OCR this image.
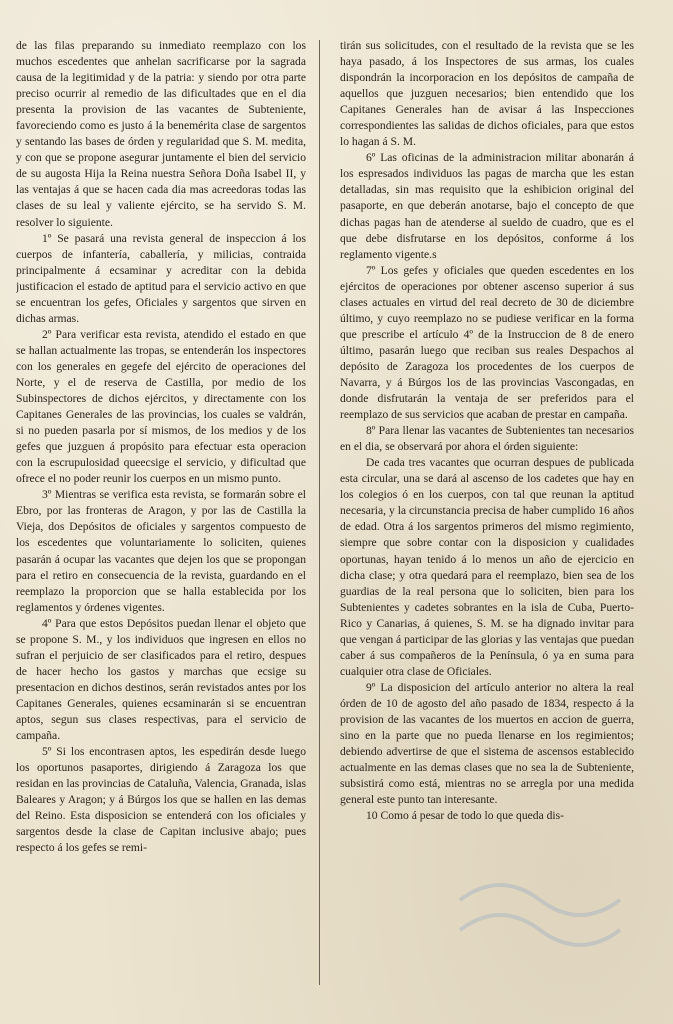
de las filas preparando su inmediato reemplazo con los muchos escedentes que anhelan sacrificarse por la sagrada causa de la legitimidad y de la patria: y siendo por otra parte preciso ocurrir al remedio de las dificultades que en el dia presenta la provision de las vacantes de Subteniente, favoreciendo como es justo á la benemérita clase de sargentos y sentando las bases de órden y regularidad que S. M. medita, y con que se propone asegurar juntamente el bien del servicio de su augosta Hija la Reina nuestra Señora Doña Isabel II, y las ventajas á que se hacen cada dia mas acreedoras todas las clases de su leal y valiente ejército, se ha servido S. M. resolver lo siguiente.

1º Se pasará una revista general de inspeccion á los cuerpos de infantería, caballería, y milicias, contraida principalmente á ecsaminar y acreditar con la debida justificacion el estado de aptitud para el servicio activo en que se encuentran los gefes, Oficiales y sargentos que sirven en dichas armas.

2º Para verificar esta revista, atendido el estado en que se hallan actualmente las tropas, se entenderán los inspectores con los generales en gegefe del ejército de operaciones del Norte, y el de reserva de Castilla, por medio de los Subinspectores de dichos ejércitos, y directamente con los Capitanes Generales de las provincias, los cuales se valdrán, si no pueden pasarla por sí mismos, de los medios y de los gefes que juzguen á propósito para efectuar esta operacion con la escrupulosidad queecsige el servicio, y dificultad que ofrece el no poder reunir los cuerpos en un mismo punto.

3º Mientras se verifica esta revista, se formarán sobre el Ebro, por las fronteras de Aragon, y por las de Castilla la Vieja, dos Depósitos de oficiales y sargentos compuesto de los escedentes que voluntariamente lo soliciten, quienes pasarán á ocupar las vacantes que dejen los que se propongan para el retiro en consecuencia de la revista, guardando en el reemplazo la proporcion que se halla establecida por los reglamentos y órdenes vigentes.

4º Para que estos Depósitos puedan llenar el objeto que se propone S. M., y los individuos que ingresen en ellos no sufran el perjuicio de ser clasificados para el retiro, despues de hacer hecho los gastos y marchas que ecsige su presentacion en dichos destinos, serán revistados antes por los Capitanes Generales, quienes ecsaminarán si se encuentran aptos, segun sus clases respectivas, para el servicio de campaña.

5º Si los encontrasen aptos, les espedirán desde luego los oportunos pasaportes, dirigiendo á Zaragoza los que residan en las provincias de Cataluña, Valencia, Granada, islas Baleares y Aragon; y á Búrgos los que se hallen en las demas del Reino. Esta disposicion se entenderá con los oficiales y sargentos desde la clase de Capitan inclusive abajo; pues respecto á los gefes se remi-

tirán sus solicitudes, con el resultado de la revista que se les haya pasado, á los Inspectores de sus armas, los cuales dispondrán la incorporacion en los depósitos de campaña de aquellos que juzguen necesarios; bien entendido que los Capitanes Generales han de avisar á las Inspecciones correspondientes las salidas de dichos oficiales, para que estos lo hagan á S. M.

6º Las oficinas de la administracion militar abonarán á los espresados individuos las pagas de marcha que les estan detalladas, sin mas requisito que la eshibicion original del pasaporte, en que deberán anotarse, bajo el concepto de que dichas pagas han de atenderse al sueldo de cuadro, que es el que debe disfrutarse en los depósitos, conforme á los reglamento vigente.s

7º Los gefes y oficiales que queden escedentes en los ejércitos de operaciones por obtener ascenso superior á sus clases actuales en virtud del real decreto de 30 de diciembre último, y cuyo reemplazo no se pudiese verificar en la forma que prescribe el artículo 4º de la Instruccion de 8 de enero último, pasarán luego que reciban sus reales Despachos al depósito de Zaragoza los procedentes de los cuerpos de Navarra, y á Búrgos los de las provincias Vascongadas, en donde disfrutarán la ventaja de ser preferidos para el reemplazo de sus servicios que acaban de prestar en campaña.

8º Para llenar las vacantes de Subtenientes tan necesarios en el dia, se observará por ahora el órden siguiente:

De cada tres vacantes que ocurran despues de publicada esta circular, una se dará al ascenso de los cadetes que hay en los colegios ó en los cuerpos, con tal que reunan la aptitud necesaria, y la circunstancia precisa de haber cumplido 16 años de edad. Otra á los sargentos primeros del mismo regimiento, siempre que sobre contar con la disposicion y cualidades oportunas, hayan tenido á lo menos un año de ejercicio en dicha clase; y otra quedará para el reemplazo, bien sea de los guardias de la real persona que lo soliciten, bien para los Subtenientes y cadetes sobrantes en la isla de Cuba, Puerto-Rico y Canarias, á quienes, S. M. se ha dignado invitar para que vengan á participar de las glorias y las ventajas que puedan caber á sus compañeros de la Península, ó ya en suma para cualquier otra clase de Oficiales.

9º La disposicion del artículo anterior no altera la real órden de 10 de agosto del año pasado de 1834, respecto á la provision de las vacantes de los muertos en accion de guerra, sino en la parte que no pueda llenarse en los regimientos; debiendo advertirse de que el sistema de ascensos establecido actualmente en las demas clases que no sea la de Subteniente, subsistirá como está, mientras no se arregla por una medida general este punto tan interesante.

10 Como á pesar de todo lo que queda dis-
